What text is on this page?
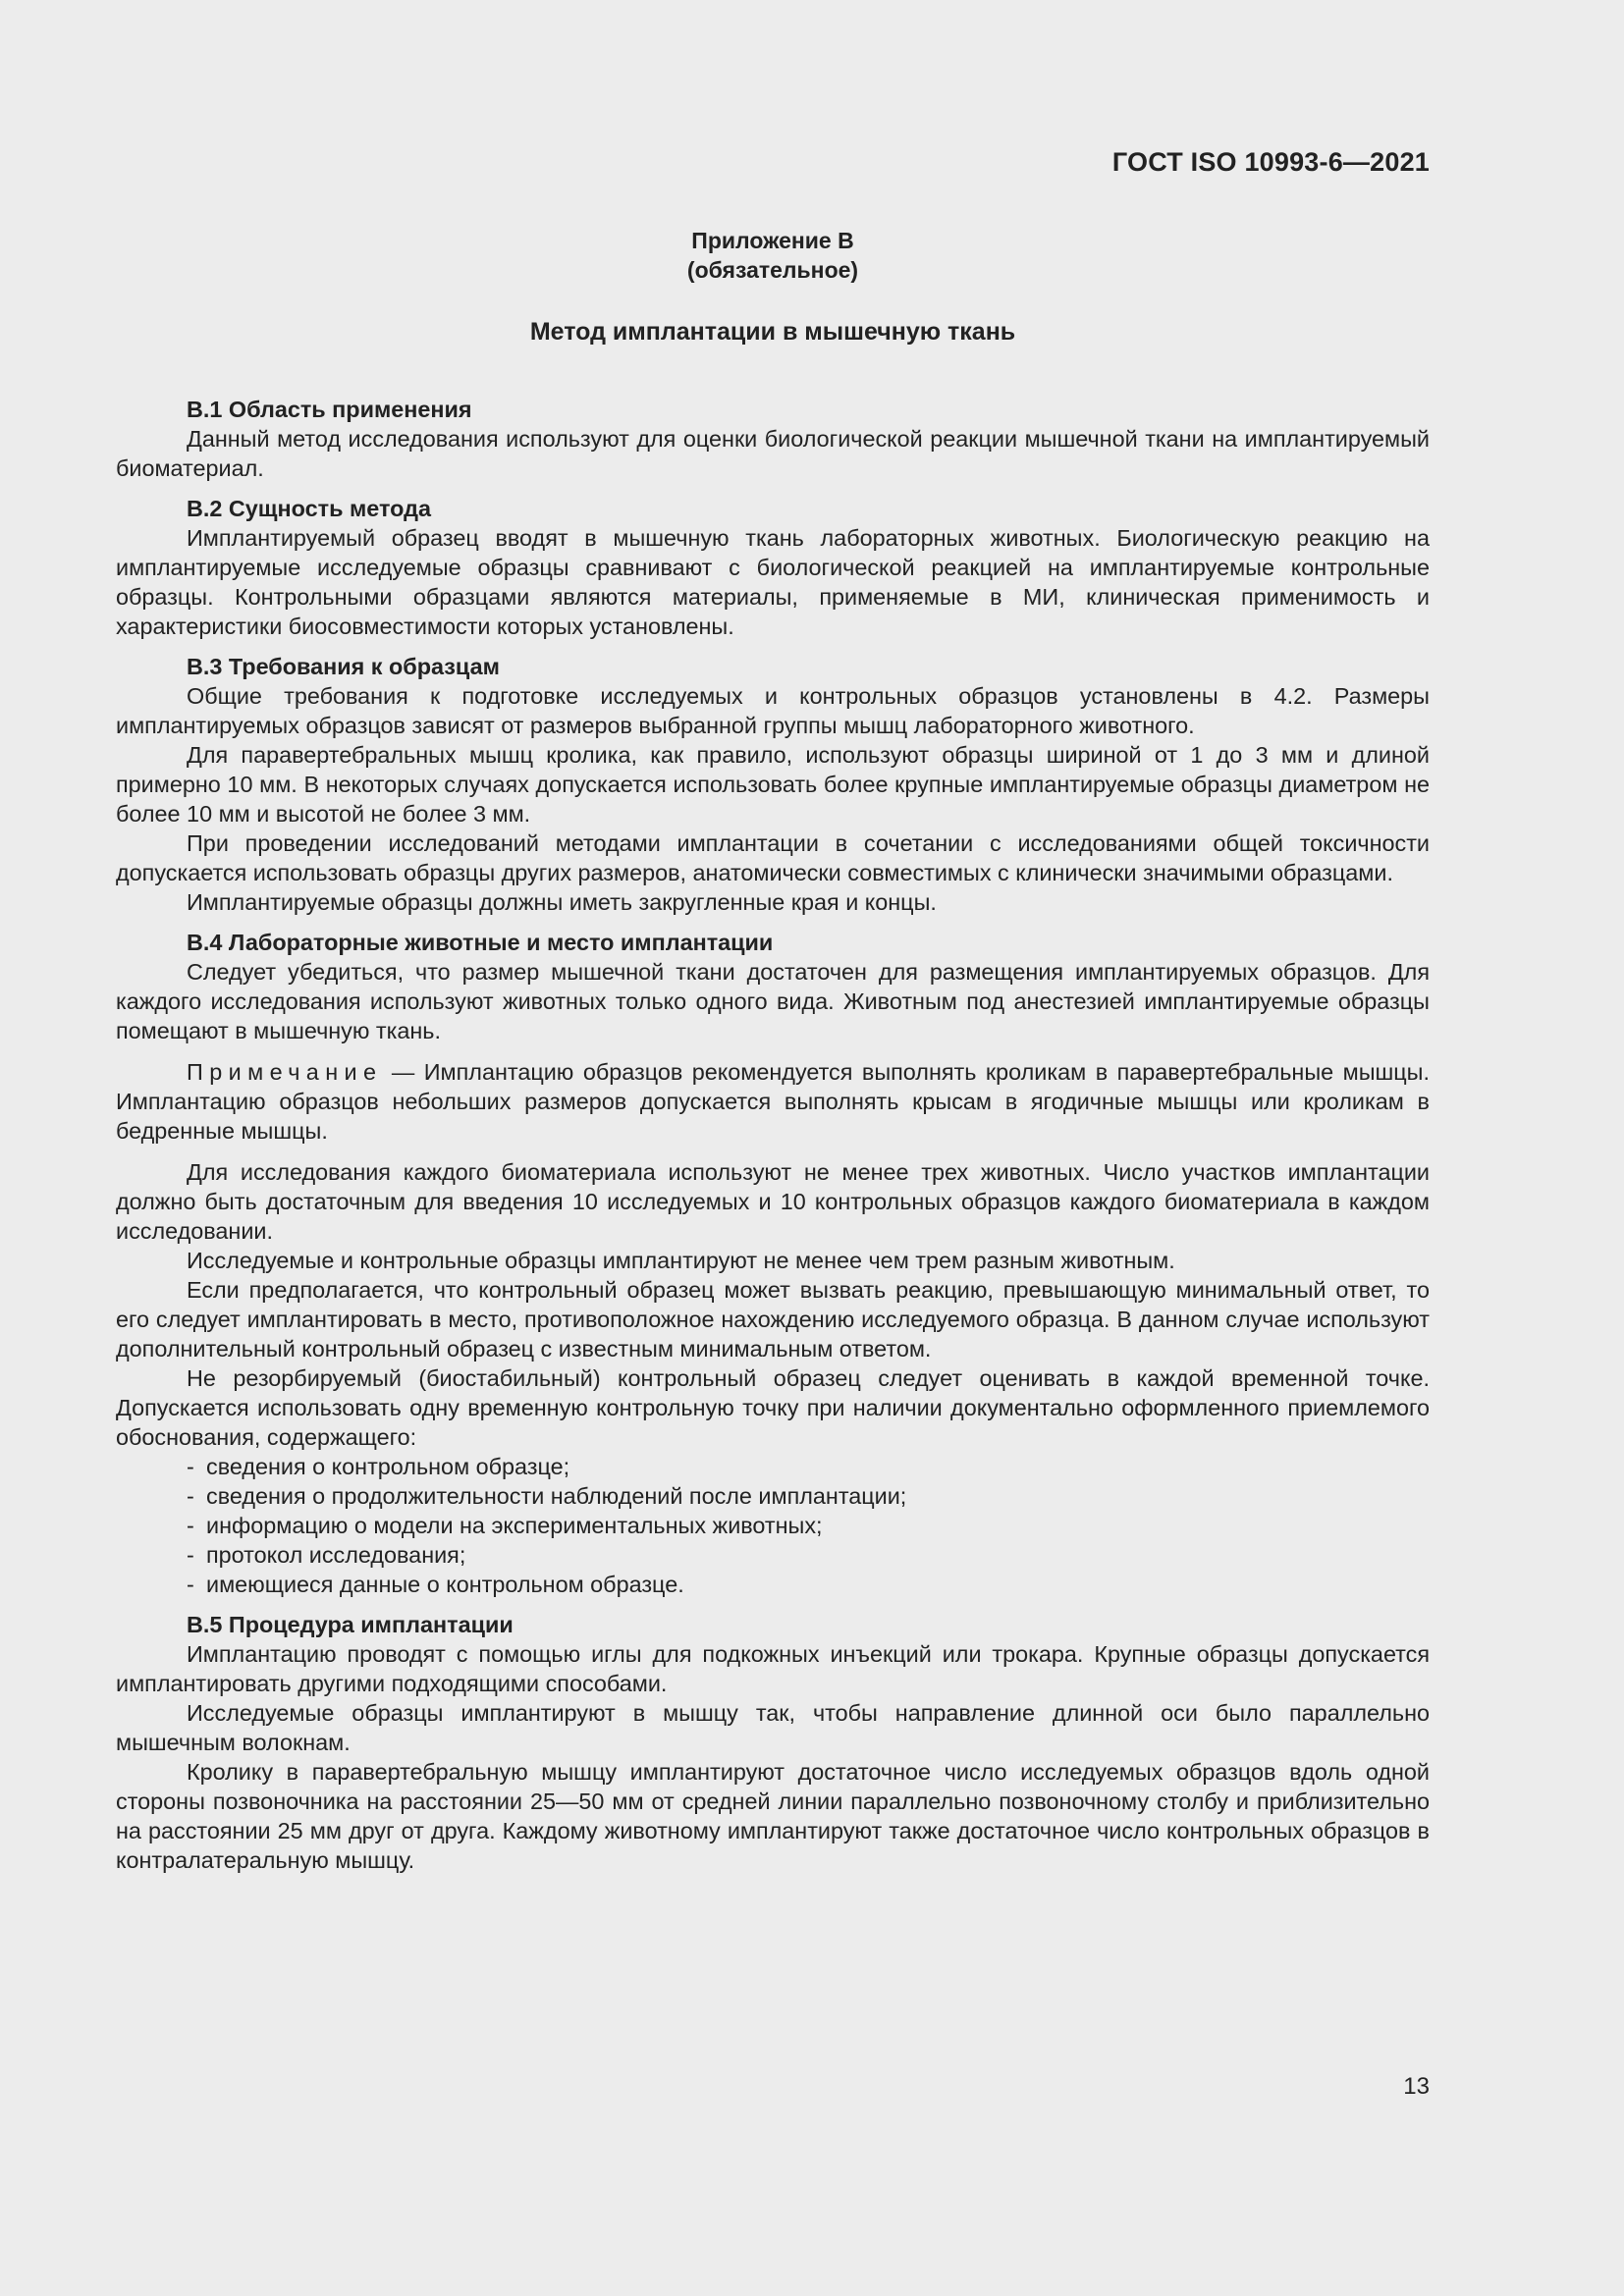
ГОСТ ISO 10993-6—2021
Приложение В
(обязательное)
Метод имплантации в мышечную ткань
В.1 Область применения

Данный метод исследования используют для оценки биологической реакции мышечной ткани на имплантируемый биоматериал.

В.2 Сущность метода

Имплантируемый образец вводят в мышечную ткань лабораторных животных. Биологическую реакцию на имплантируемые исследуемые образцы сравнивают с биологической реакцией на имплантируемые контрольные образцы. Контрольными образцами являются материалы, применяемые в МИ, клиническая применимость и характеристики биосовместимости которых установлены.

В.3 Требования к образцам

Общие требования к подготовке исследуемых и контрольных образцов установлены в 4.2. Размеры имплантируемых образцов зависят от размеров выбранной группы мышц лабораторного животного.

Для паравертебральных мышц кролика, как правило, используют образцы шириной от 1 до 3 мм и длиной примерно 10 мм. В некоторых случаях допускается использовать более крупные имплантируемые образцы диаметром не более 10 мм и высотой не более 3 мм.

При проведении исследований методами имплантации в сочетании с исследованиями общей токсичности допускается использовать образцы других размеров, анатомически совместимых с клинически значимыми образцами.

Имплантируемые образцы должны иметь закругленные края и концы.

В.4 Лабораторные животные и место имплантации

Следует убедиться, что размер мышечной ткани достаточен для размещения имплантируемых образцов. Для каждого исследования используют животных только одного вида. Животным под анестезией имплантируемые образцы помещают в мышечную ткань.

Примечание — Имплантацию образцов рекомендуется выполнять кроликам в паравертебральные мышцы. Имплантацию образцов небольших размеров допускается выполнять крысам в ягодичные мышцы или кроликам в бедренные мышцы.

Для исследования каждого биоматериала используют не менее трех животных. Число участков имплантации должно быть достаточным для введения 10 исследуемых и 10 контрольных образцов каждого биоматериала в каждом исследовании.

Исследуемые и контрольные образцы имплантируют не менее чем трем разным животным.

Если предполагается, что контрольный образец может вызвать реакцию, превышающую минимальный ответ, то его следует имплантировать в место, противоположное нахождению исследуемого образца. В данном случае используют дополнительный контрольный образец с известным минимальным ответом.

Не резорбируемый (биостабильный) контрольный образец следует оценивать в каждой временной точке. Допускается использовать одну временную контрольную точку при наличии документально оформленного приемлемого обоснования, содержащего:

- сведения о контрольном образце;
- сведения о продолжительности наблюдений после имплантации;
- информацию о модели на экспериментальных животных;
- протокол исследования;
- имеющиеся данные о контрольном образце.
В.5 Процедура имплантации

Имплантацию проводят с помощью иглы для подкожных инъекций или трокара. Крупные образцы допускается имплантировать другими подходящими способами.

Исследуемые образцы имплантируют в мышцу так, чтобы направление длинной оси было параллельно мышечным волокнам.

Кролику в паравертебральную мышцу имплантируют достаточное число исследуемых образцов вдоль одной стороны позвоночника на расстоянии 25—50 мм от средней линии параллельно позвоночному столбу и приблизительно на расстоянии 25 мм друг от друга. Каждому животному имплантируют также достаточное число контрольных образцов в контралатеральную мышцу.

13
